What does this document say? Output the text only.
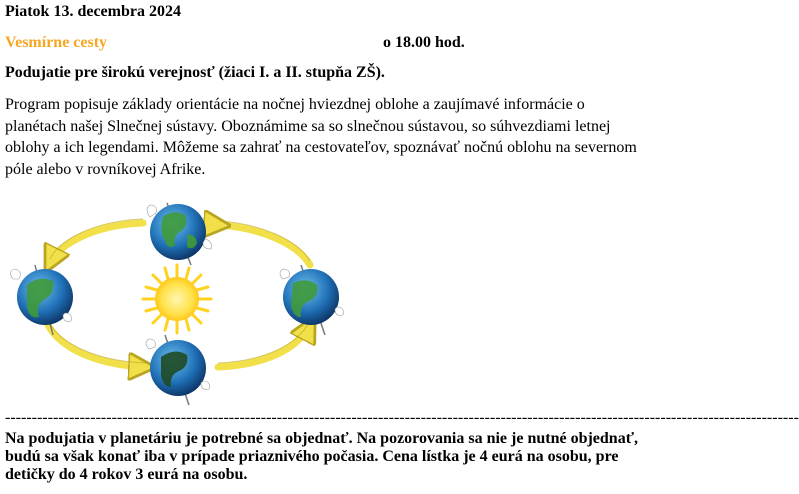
Piatok 13. decembra 2024
Vesmírne cesty	o 18.00 hod.
Podujatie pre širokú verejnosť (žiaci I. a II. stupňa ZŠ).
Program popisuje základy orientácie na nočnej hviezdnej oblohe a zaujímavé informácie o planétach našej Slnečnej sústavy. Oboznámime sa so slnečnou sústavou, so súhvezdiami letnej oblohy a ich legendami. Môžeme sa zahrať na cestovateľov, spoznávať nočnú oblohu na severnom póle alebo v rovníkovej Afrike.
-----------------------------------------------------------------------------------------------------------------------------------------------------
Na podujatia v planetáriu je potrebné sa objednať. Na pozorovania sa nie je nutné objednať, budú sa však konať iba v prípade priaznivého počasia. Cena lístka je 4 eurá na osobu, pre detičky do 4 rokov 3 eurá na osobu.
